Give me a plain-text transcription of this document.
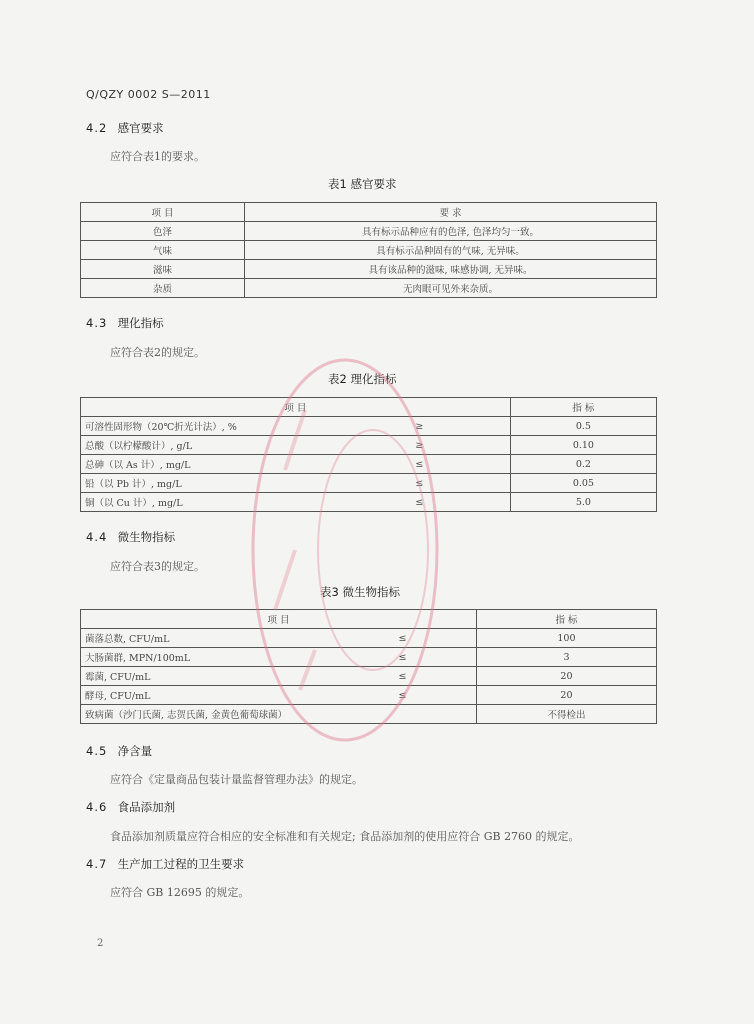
Q/QZY 0002 S—2011
4.2 感官要求
应符合表1的要求。
表1 感官要求
项 目	要 求
色泽	具有标示品种应有的色泽, 色泽均匀一致。
气味	具有标示品种固有的气味, 无异味。
滋味	具有该品种的滋味, 味感协调, 无异味。
杂质	无肉眼可见外来杂质。
4.3 理化指标
应符合表2的规定。
表2 理化指标
项 目		指 标
可溶性固形物（20℃折光计法）, %	≥	0.5
总酸（以柠檬酸计）, g/L	≥	0.10
总砷（以 As 计）, mg/L	≤	0.2
铅（以 Pb 计）, mg/L	≤	0.05
铜（以 Cu 计）, mg/L	≤	5.0
4.4 微生物指标
应符合表3的规定。
表3 微生物指标
项 目		指 标
菌落总数, CFU/mL	≤	100
大肠菌群, MPN/100mL	≤	3
霉菌, CFU/mL	≤	20
酵母, CFU/mL	≤	20
致病菌（沙门氏菌, 志贺氏菌, 金黄色葡萄球菌）		不得检出
4.5 净含量
应符合《定量商品包装计量监督管理办法》的规定。
4.6 食品添加剂
食品添加剂质量应符合相应的安全标准和有关规定; 食品添加剂的使用应符合 GB 2760 的规定。
4.7 生产加工过程的卫生要求
应符合 GB 12695 的规定。
2
